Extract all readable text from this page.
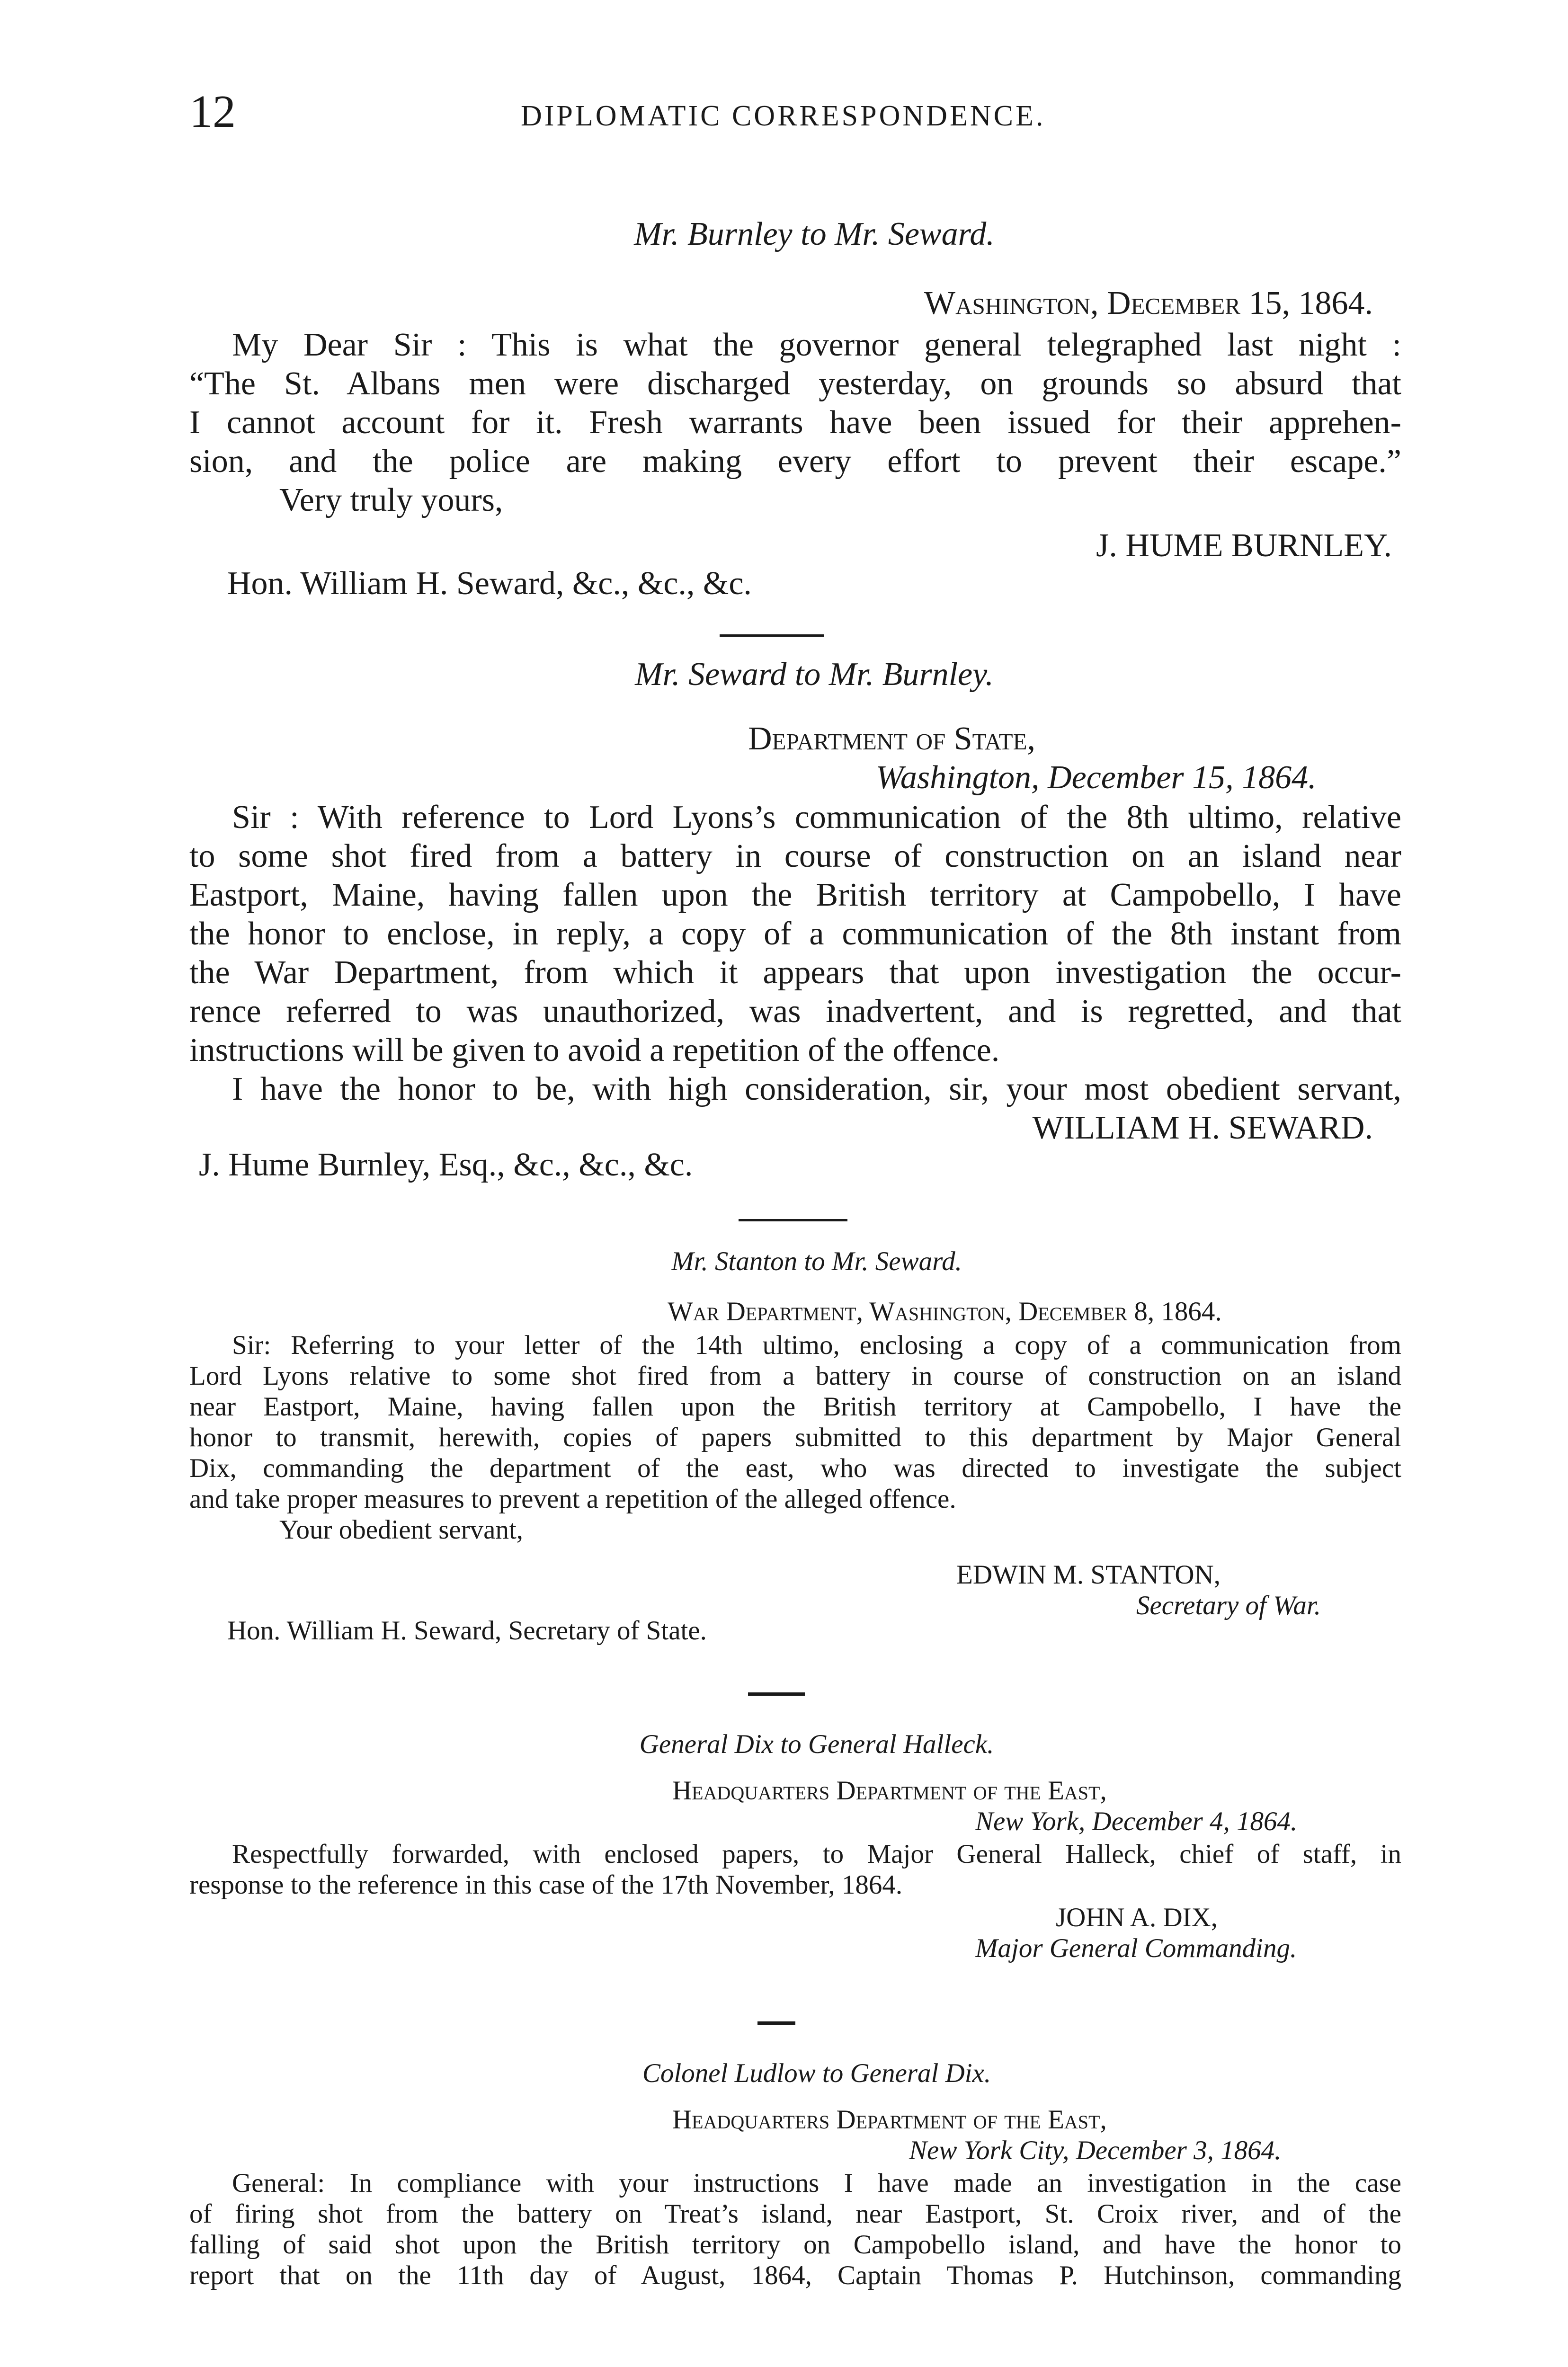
12	DIPLOMATIC CORRESPONDENCE.
Mr. Burnley to Mr. Seward.
Washington, December 15, 1864.
My Dear Sir : This is what the governor general telegraphed last night :
“The St. Albans men were discharged yesterday, on grounds so absurd that
I cannot account for it. Fresh warrants have been issued for their apprehen-
sion, and the police are making every effort to prevent their escape.”
Very truly yours,
J. HUME BURNLEY.
Hon. William H. Seward, &c., &c., &c.
Mr. Seward to Mr. Burnley.
Department of State,
Washington, December 15, 1864.
Sir : With reference to Lord Lyons’s communication of the 8th ultimo, relative
to some shot fired from a battery in course of construction on an island near
Eastport, Maine, having fallen upon the British territory at Campobello, I have
the honor to enclose, in reply, a copy of a communication of the 8th instant from
the War Department, from which it appears that upon investigation the occur-
rence referred to was unauthorized, was inadvertent, and is regretted, and that
instructions will be given to avoid a repetition of the offence.
I have the honor to be, with high consideration, sir, your most obedient servant,
WILLIAM H. SEWARD.
J. Hume Burnley, Esq., &c., &c., &c.
Mr. Stanton to Mr. Seward.
War Department, Washington, December 8, 1864.
Sir: Referring to your letter of the 14th ultimo, enclosing a copy of a communication from
Lord Lyons relative to some shot fired from a battery in course of construction on an island
near Eastport, Maine, having fallen upon the British territory at Campobello, I have the
honor to transmit, herewith, copies of papers submitted to this department by Major General
Dix, commanding the department of the east, who was directed to investigate the subject
and take proper measures to prevent a repetition of the alleged offence.
Your obedient servant,
EDWIN M. STANTON,
Secretary of War.
Hon. William H. Seward, Secretary of State.
General Dix to General Halleck.
Headquarters Department of the East,
New York, December 4, 1864.
Respectfully forwarded, with enclosed papers, to Major General Halleck, chief of staff, in
response to the reference in this case of the 17th November, 1864.
JOHN A. DIX,
Major General Commanding.
Colonel Ludlow to General Dix.
Headquarters Department of the East,
New York City, December 3, 1864.
General: In compliance with your instructions I have made an investigation in the case
of firing shot from the battery on Treat’s island, near Eastport, St. Croix river, and of the
falling of said shot upon the British territory on Campobello island, and have the honor to
report that on the 11th day of August, 1864, Captain Thomas P. Hutchinson, commanding
